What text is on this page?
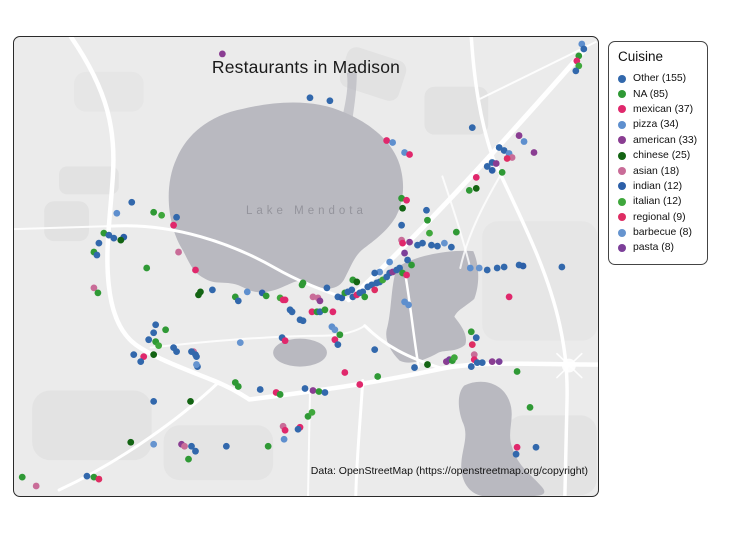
Restaurants in Madison
Lake Mendota
Data: OpenStreetMap (https://openstreetmap.org/copyright)
Cuisine
Other (155)
NA (85)
mexican (37)
pizza (34)
american (33)
chinese (25)
asian (18)
indian (12)
italian (12)
regional (9)
barbecue (8)
pasta (8)
